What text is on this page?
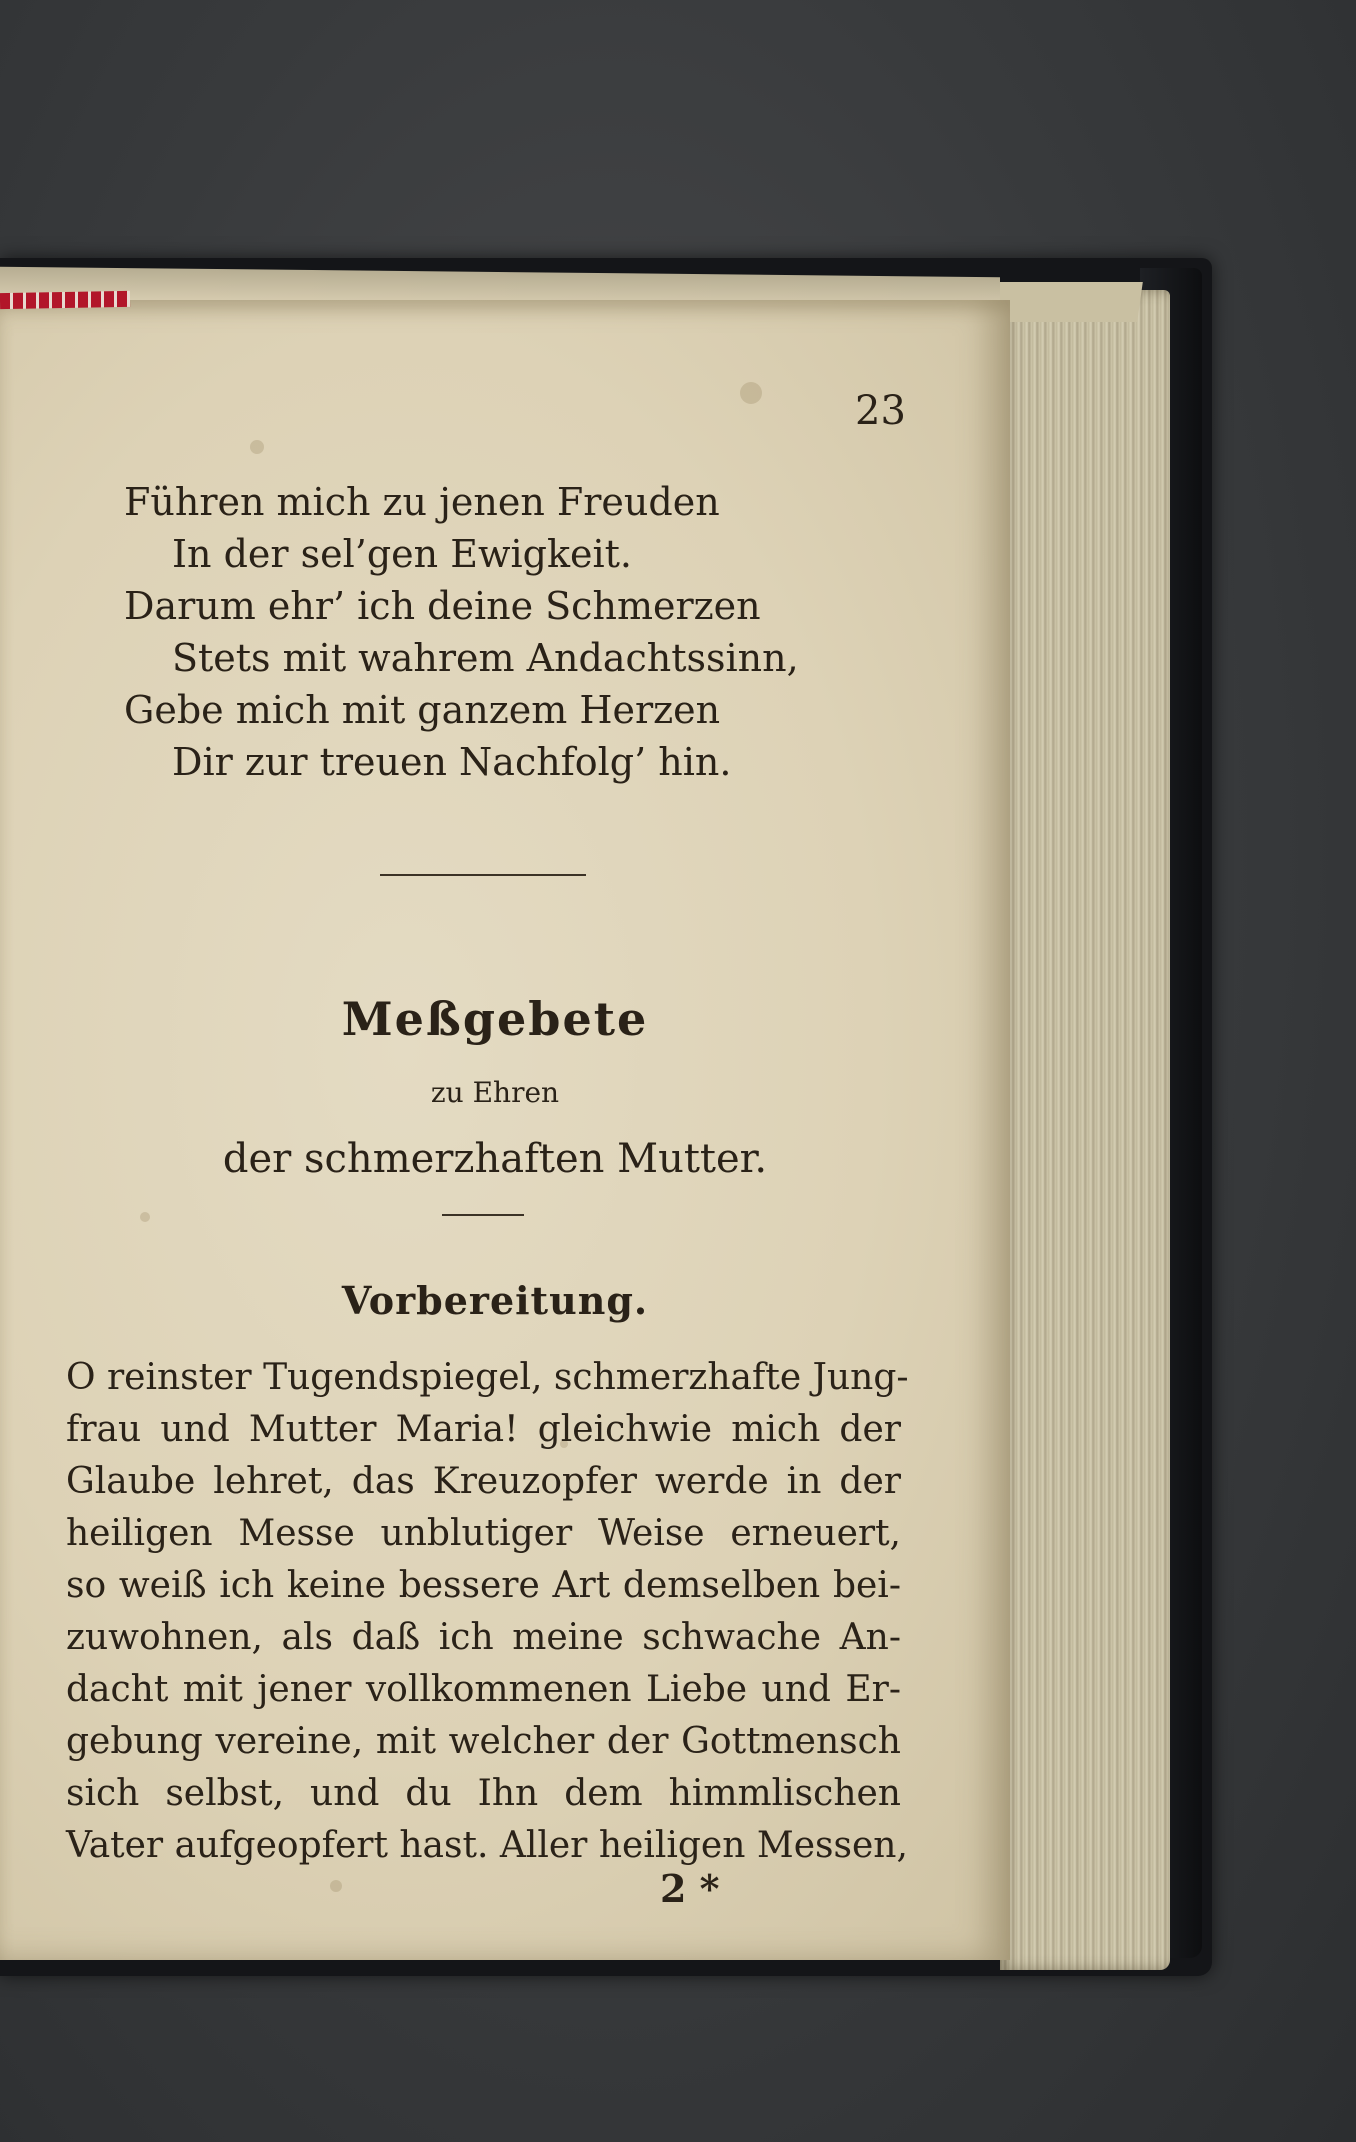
23
Führen mich zu jenen Freuden
In der sel’gen Ewigkeit.
Darum ehr’ ich deine Schmerzen
Stets mit wahrem Andachtssinn,
Gebe mich mit ganzem Herzen
Dir zur treuen Nachfolg’ hin.
Meßgebete
zu Ehren
der schmerzhaften Mutter.
Vorbereitung.
O reinster Tugendspiegel, schmerzhafte Jung-
frau und Mutter Maria! gleichwie mich der
Glaube lehret, das Kreuzopfer werde in der
heiligen Messe unblutiger Weise erneuert,
so weiß ich keine bessere Art demselben bei-
zuwohnen, als daß ich meine schwache An-
dacht mit jener vollkommenen Liebe und Er-
gebung vereine, mit welcher der Gottmensch
sich selbst, und du Ihn dem himmlischen
Vater aufgeopfert hast. Aller heiligen Messen,
2 *
